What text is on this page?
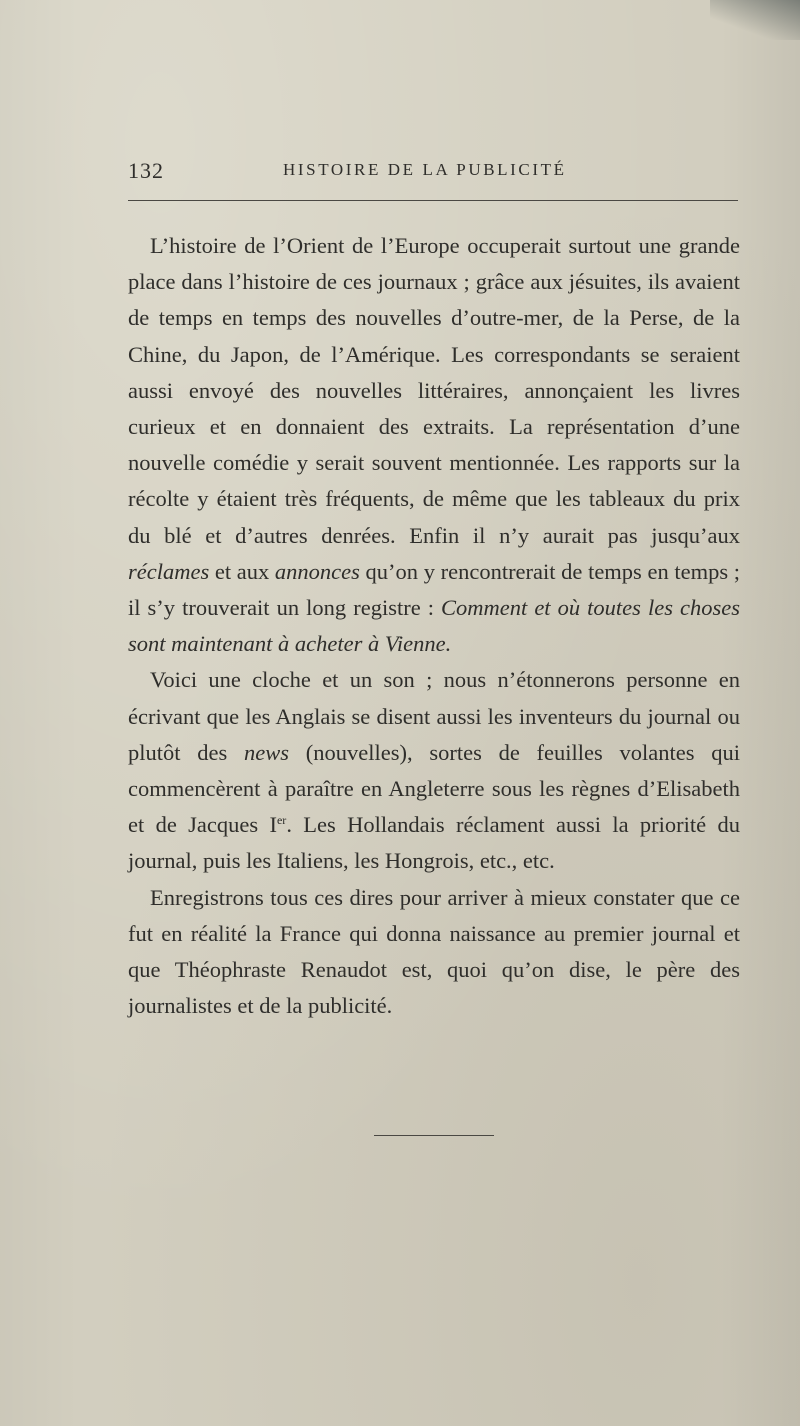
132	HISTOIRE DE LA PUBLICITÉ

L’histoire de l’Orient de l’Europe occuperait surtout une grande place dans l’histoire de ces journaux ; grâce aux jésuites, ils avaient de temps en temps des nouvelles d’outre-mer, de la Perse, de la Chine, du Japon, de l’Amérique. Les correspondants se seraient aussi envoyé des nouvelles littéraires, annonçaient les livres curieux et en donnaient des extraits. La représentation d’une nouvelle comédie y serait souvent mentionnée. Les rapports sur la récolte y étaient très fréquents, de même que les tableaux du prix du blé et d’autres denrées. Enfin il n’y aurait pas jusqu’aux réclames et aux annonces qu’on y rencontrerait de temps en temps ; il s’y trouverait un long registre : Comment et où toutes les choses sont maintenant à acheter à Vienne.

Voici une cloche et un son ; nous n’étonnerons personne en écrivant que les Anglais se disent aussi les inventeurs du journal ou plutôt des news (nouvelles), sortes de feuilles volantes qui commencèrent à paraître en Angleterre sous les règnes d’Elisabeth et de Jacques Ier. Les Hollandais réclament aussi la priorité du journal, puis les Italiens, les Hongrois, etc., etc.

Enregistrons tous ces dires pour arriver à mieux constater que ce fut en réalité la France qui donna naissance au premier journal et que Théophraste Renaudot est, quoi qu’on dise, le père des journalistes et de la publicité.
